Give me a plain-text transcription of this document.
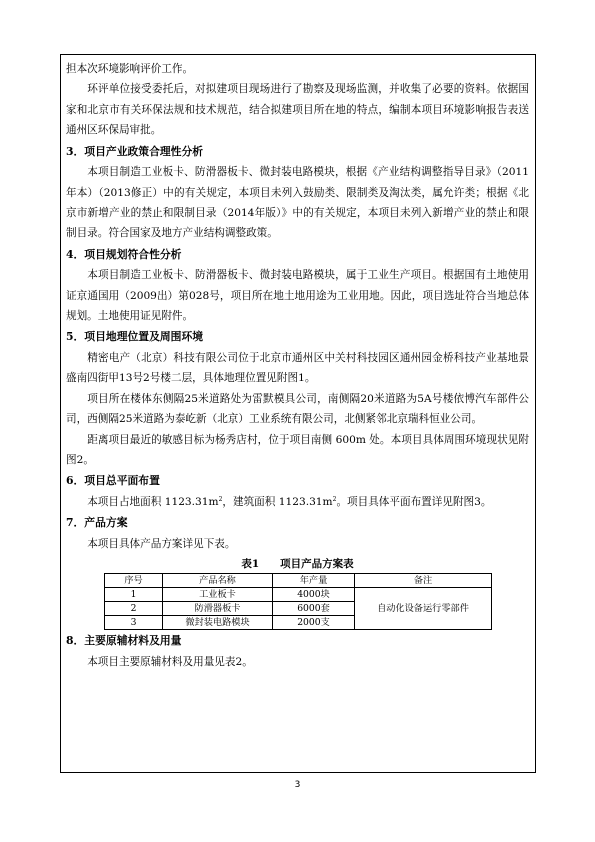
担本次环境影响评价工作。

环评单位接受委托后，对拟建项目现场进行了勘察及现场监测，并收集了必要的资料。依据国家和北京市有关环保法规和技术规范，结合拟建项目所在地的特点，编制本项目环境影响报告表送通州区环保局审批。

3．项目产业政策合理性分析

本项目制造工业板卡、防滑器板卡、微封装电路模块，根据《产业结构调整指导目录》（2011年本）（2013修正）中的有关规定，本项目未列入鼓励类、限制类及淘汰类，属允许类；根据《北京市新增产业的禁止和限制目录（2014年版）》中的有关规定，本项目未列入新增产业的禁止和限制目录。符合国家及地方产业结构调整政策。

4．项目规划符合性分析

本项目制造工业板卡、防滑器板卡、微封装电路模块，属于工业生产项目。根据国有土地使用证京通国用（2009出）第028号，项目所在地土地用途为工业用地。因此，项目选址符合当地总体规划。土地使用证见附件。

5．项目地理位置及周围环境

精密电产（北京）科技有限公司位于北京市通州区中关村科技园区通州园金桥科技产业基地景盛南四街甲13号2号楼二层，具体地理位置见附图1。

项目所在楼体东侧隔25米道路处为雷默模具公司，南侧隔20米道路为5A号楼依博汽车部件公司，西侧隔25米道路为泰屹新（北京）工业系统有限公司，北侧紧邻北京瑞科恒业公司。

距离项目最近的敏感目标为杨秀店村，位于项目南侧 600m 处。本项目具体周围环境现状见附图2。

6．项目总平面布置

本项目占地面积 $1123.31m^2$，建筑面积 $1123.31m^2$。项目具体平面布置详见附图3。

7．产品方案

本项目具体产品方案详见下表。

表1　　项目产品方案表
序号	产品名称	年产量	备注
1	工业板卡	4000块	自动化设备运行零部件
2	防滑器板卡	6000套	
3	微封装电路模块	2000支	
8．主要原辅材料及用量

本项目主要原辅材料及用量见表2。

3
